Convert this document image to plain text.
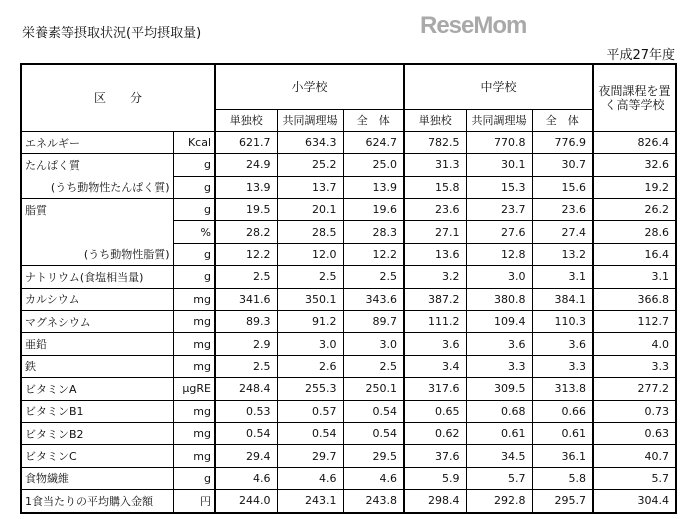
栄養素等摂取状況(平均摂取量)
平成27年度
区　　分		小学校			中学校			夜間課程を置く高等学校
		単独校	共同調理場	全　体	単独校	共同調理場	全　体	
エネルギー	Kcal	621.7	634.3	624.7	782.5	770.8	776.9	826.4
たんぱく質	g	24.9	25.2	25.0	31.3	30.1	30.7	32.6
(うち動物性たんぱく質)	g	13.9	13.7	13.9	15.8	15.3	15.6	19.2
脂質	g	19.5	20.1	19.6	23.6	23.7	23.6	26.2
	%	28.2	28.5	28.3	27.1	27.6	27.4	28.6
(うち動物性脂質)	g	12.2	12.0	12.2	13.6	12.8	13.2	16.4
ナトリウム(食塩相当量)	g	2.5	2.5	2.5	3.2	3.0	3.1	3.1
カルシウム	mg	341.6	350.1	343.6	387.2	380.8	384.1	366.8
マグネシウム	mg	89.3	91.2	89.7	111.2	109.4	110.3	112.7
亜鉛	mg	2.9	3.0	3.0	3.6	3.6	3.6	4.0
鉄	mg	2.5	2.6	2.5	3.4	3.3	3.3	3.3
ビタミンA	μgRE	248.4	255.3	250.1	317.6	309.5	313.8	277.2
ビタミンB1	mg	0.53	0.57	0.54	0.65	0.68	0.66	0.73
ビタミンB2	mg	0.54	0.54	0.54	0.62	0.61	0.61	0.63
ビタミンC	mg	29.4	29.7	29.5	37.6	34.5	36.1	40.7
食物繊維	g	4.6	4.6	4.6	5.9	5.7	5.8	5.7
1食当たりの平均購入金額	円	244.0	243.1	243.8	298.4	292.8	295.7	304.4
ReseMom
